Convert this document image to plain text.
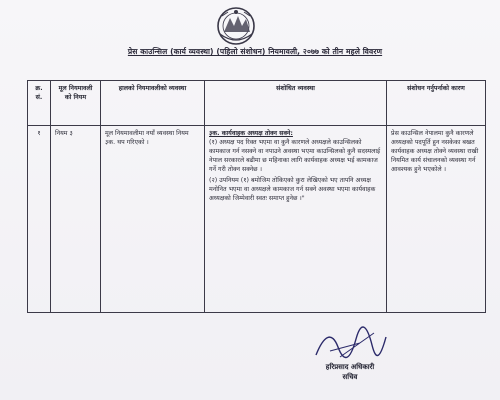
प्रेस काउन्सिल (कार्य व्यवस्था) (पहिलो संशोधन) नियमावली, २०७७ को तीन महले विवरण
क्र. सं.	मूल नियमावली को नियम	हालको नियमावलीको व्यवस्था	संशोधित व्यवस्था	संशोधन गर्नुपर्नाको कारण
१	नियम ३	मूल नियमावलीमा नयाँ व्यवस्था नियम ३क. थप गरिएको ।	३क. कार्यवाहक अध्यक्ष तोक्न सक्ने:
(१) अध्यक्ष पद रिक्त भएमा वा कुनै कारणले अध्यक्षले काउन्सिलको कामकाज गर्न नसक्ने वा नपाउने अवस्था भएमा काउन्सिलको कुनै सदस्यलाई नेपाल सरकारले बढीमा छ महिनाका लागि कार्यवाहक अध्यक्ष भई कामकाज गर्ने गरी तोक्न सक्नेछ ।
(२) उपनियम (१) बमोजिम तोकिएको कुरा लेखिएको भए तापनि अध्यक्ष मनोनित भएमा वा अध्यक्षले कामकाज गर्न सक्ने अवस्था भएमा कार्यवाहक अध्यक्षको जिम्मेवारी स्वतः समाप्त हुनेछ ।"	प्रेस काउन्सिल नेपालमा कुनै कारणले अध्यक्षको पदपूर्ति हुन नसकेका बखत कार्यवाहक अध्यक्ष तोक्ने व्यवस्था राखी नियमित कार्य संचालनको व्यवस्था गर्न आवश्यक हुने भएकोले ।
हरिप्रसाद अधिकारी
सचिव
